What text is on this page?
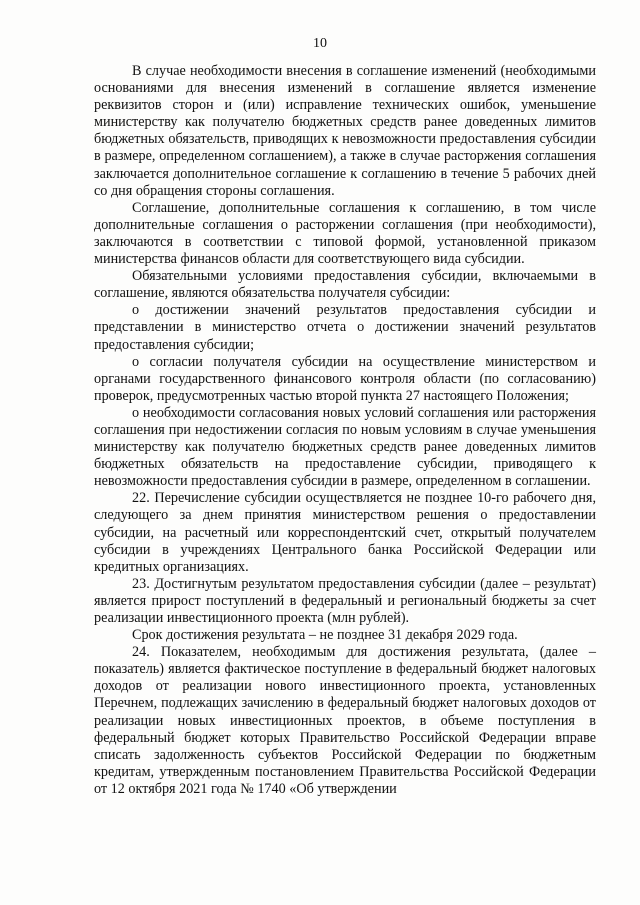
10

В случае необходимости внесения в соглашение изменений (необходимыми основаниями для внесения изменений в соглашение является изменение реквизитов сторон и (или) исправление технических ошибок, уменьшение министерству как получателю бюджетных средств ранее доведенных лимитов бюджетных обязательств, приводящих к невозможности предоставления субсидии в размере, определенном соглашением), а также в случае расторжения соглашения заключается дополнительное соглашение к соглашению в течение 5 рабочих дней со дня обращения стороны соглашения.

Соглашение, дополнительные соглашения к соглашению, в том числе дополнительные соглашения о расторжении соглашения (при необходимости), заключаются в соответствии с типовой формой, установленной приказом министерства финансов области для соответствующего вида субсидии.

Обязательными условиями предоставления субсидии, включаемыми в соглашение, являются обязательства получателя субсидии:

о достижении значений результатов предоставления субсидии и представлении в министерство отчета о достижении значений результатов предоставления субсидии;

о согласии получателя субсидии на осуществление министерством и органами государственного финансового контроля области (по согласованию) проверок, предусмотренных частью второй пункта 27 настоящего Положения;

о необходимости согласования новых условий соглашения или расторжения соглашения при недостижении согласия по новым условиям в случае уменьшения министерству как получателю бюджетных средств ранее доведенных лимитов бюджетных обязательств на предоставление субсидии, приводящего к невозможности предоставления субсидии в размере, определенном в соглашении.

22. Перечисление субсидии осуществляется не позднее 10-го рабочего дня, следующего за днем принятия министерством решения о предоставлении субсидии, на расчетный или корреспондентский счет, открытый получателем субсидии в учреждениях Центрального банка Российской Федерации или кредитных организациях.

23. Достигнутым результатом предоставления субсидии (далее – результат) является прирост поступлений в федеральный и региональный бюджеты за счет реализации инвестиционного проекта (млн рублей).

Срок достижения результата – не позднее 31 декабря 2029 года.

24. Показателем, необходимым для достижения результата, (далее – показатель) является фактическое поступление в федеральный бюджет налоговых доходов от реализации нового инвестиционного проекта, установленных Перечнем, подлежащих зачислению в федеральный бюджет налоговых доходов от реализации новых инвестиционных проектов, в объеме поступления в федеральный бюджет которых Правительство Российской Федерации вправе списать задолженность субъектов Российской Федерации по бюджетным кредитам, утвержденным постановлением Правительства Российской Федерации от 12 октября 2021 года № 1740 «Об утверждении
